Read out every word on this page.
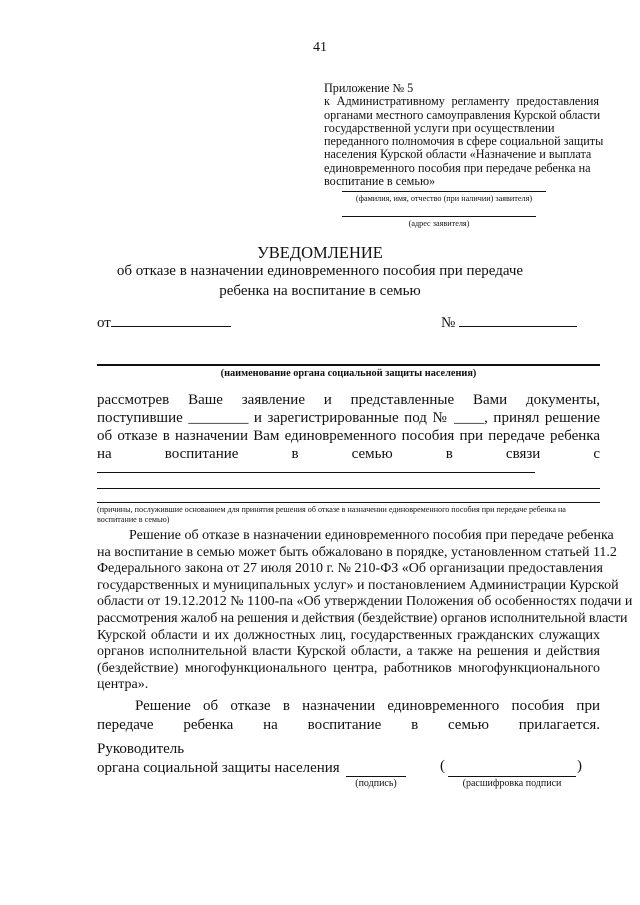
41
Приложение № 5
к Административному регламенту предоставления
органами местного самоуправления Курской области
государственной услуги при осуществлении
переданного полномочия в сфере социальной защиты
населения Курской области «Назначение и выплата
единовременного пособия при передаче ребенка на
воспитание в семью»
(фамилия, имя, отчество (при наличии) заявителя)
(адрес заявителя)
УВЕДОМЛЕНИЕ
об отказе в назначении единовременного пособия при передаче
ребенка на воспитание в семью
от	№
(наименование органа социальной защиты населения)
рассмотрев Ваше заявление и представленные Вами документы,
поступившие ________ и зарегистрированные под № ____, принял решение
об отказе в назначении Вам единовременного пособия при передаче ребенка
на	воспитание	в	семью	в	связи	с
(причины, послужившие основанием для принятия решения об отказе в назначении единовременного пособия при передаче ребенка на воспитание в семью)
Решение об отказе в назначении единовременного пособия при передаче ребенка
на воспитание в семью может быть обжаловано в порядке, установленном статьей 11.2
Федерального закона от 27 июля 2010 г. № 210-ФЗ «Об организации предоставления
государственных и муниципальных услуг» и постановлением Администрации Курской
области от 19.12.2012 № 1100-па «Об утверждении Положения об особенностях подачи и
рассмотрения жалоб на решения и действия (бездействие) органов исполнительной власти
Курской области и их должностных лиц, государственных гражданских служащих
органов исполнительной власти Курской области, а также на решения и действия
(бездействие) многофункционального центра, работников многофункционального
центра».
Решение об отказе в назначении единовременного пособия при
передаче ребенка на воспитание в семью прилагается.
Руководитель
органа социальной защиты населения
(подпись)
(	)
(расшифровка подписи
